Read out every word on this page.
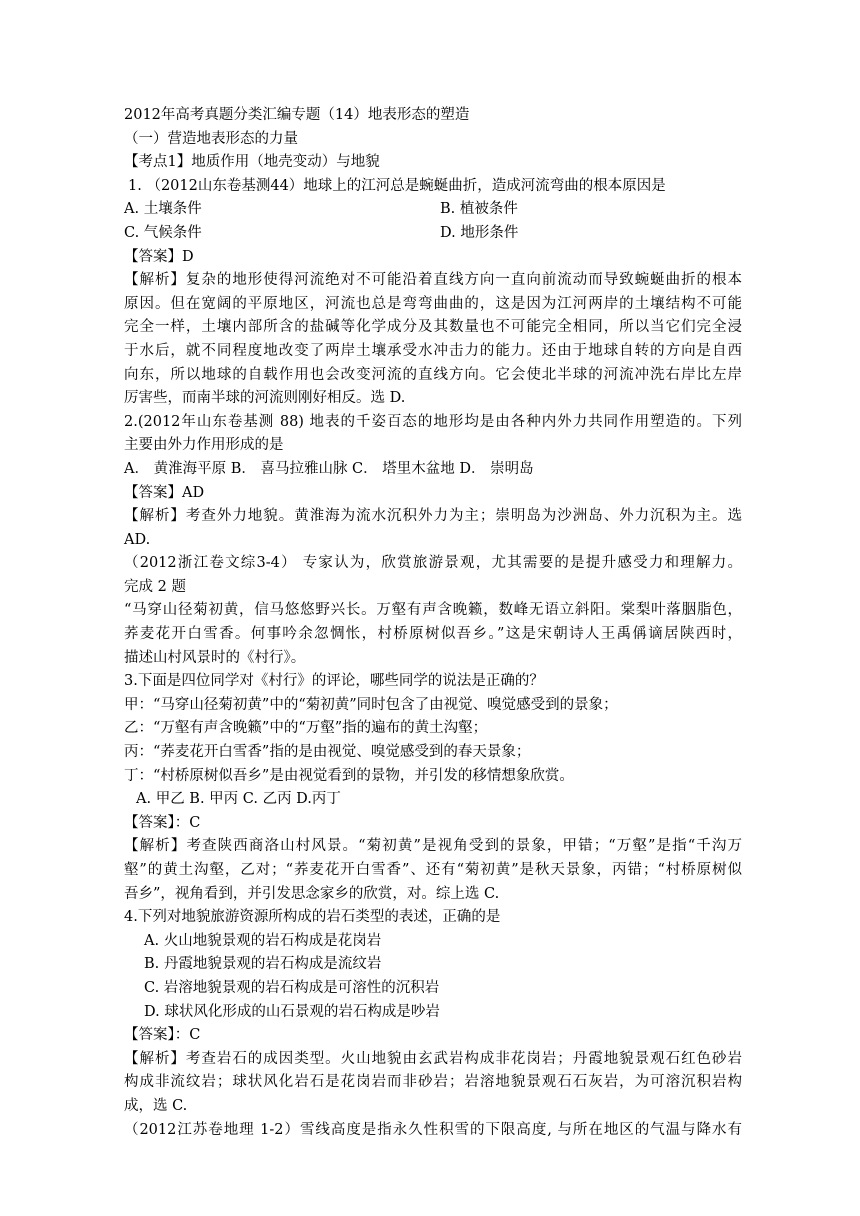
2012年高考真题分类汇编专题（14）地表形态的塑造
（一）营造地表形态的力量
【考点1】地质作用（地壳变动）与地貌
1. （2012山东卷基测44）地球上的江河总是蜿蜒曲折，造成河流弯曲的根本原因是
A. 土壤条件	B. 植被条件
C. 气候条件	D. 地形条件
【答案】D
【解析】复杂的地形使得河流绝对不可能沿着直线方向一直向前流动而导致蜿蜒曲折的根本
原因。但在宽阔的平原地区，河流也总是弯弯曲曲的，这是因为江河两岸的土壤结构不可能
完全一样，土壤内部所含的盐碱等化学成分及其数量也不可能完全相同，所以当它们完全浸
于水后，就不同程度地改变了两岸土壤承受水冲击力的能力。还由于地球自转的方向是自西
向东，所以地球的自载作用也会改变河流的直线方向。它会使北半球的河流冲洗右岸比左岸
厉害些，而南半球的河流则刚好相反。选 D.
2.(2012年山东卷基测 88) 地表的千姿百态的地形均是由各种内外力共同作用塑造的。下列
主要由外力作用形成的是
A． 黄淮海平原 B． 喜马拉雅山脉 C． 塔里木盆地 D． 崇明岛
【答案】AD
【解析】考查外力地貌。黄淮海为流水沉积外力为主；崇明岛为沙洲岛、外力沉积为主。选
AD.
（2012浙江卷文综3-4） 专家认为，欣赏旅游景观，尤其需要的是提升感受力和理解力。
完成 2 题
“马穿山径菊初黄，信马悠悠野兴长。万壑有声含晚籁，数峰无语立斜阳。棠梨叶落胭脂色，
荞麦花开白雪香。何事吟余忽惆怅，村桥原树似吾乡。”这是宋朝诗人王禹偁谪居陕西时，
描述山村风景时的《村行》。
3.下面是四位同学对《村行》的评论，哪些同学的说法是正确的？
甲：“马穿山径菊初黄”中的“菊初黄”同时包含了由视觉、嗅觉感受到的景象；
乙：“万壑有声含晚籁”中的“万壑”指的遍布的黄土沟壑；
丙：“荞麦花开白雪香”指的是由视觉、嗅觉感受到的春天景象；
丁：“村桥原树似吾乡”是由视觉看到的景物，并引发的移情想象欣赏。
A. 甲乙 B. 甲丙 C. 乙丙 D.丙丁
【答案】：C
【解析】考查陕西商洛山村风景。“菊初黄”是视角受到的景象，甲错；“万壑”是指“千沟万
壑”的黄土沟壑，乙对；“荞麦花开白雪香”、还有“菊初黄”是秋天景象，丙错；“村桥原树似
吾乡”，视角看到，并引发思念家乡的欣赏，对。综上选 C.
4.下列对地貌旅游资源所构成的岩石类型的表述，正确的是
A. 火山地貌景观的岩石构成是花岗岩
B. 丹霞地貌景观的岩石构成是流纹岩
C. 岩溶地貌景观的岩石构成是可溶性的沉积岩
D. 球状风化形成的山石景观的岩石构成是吵岩
【答案】：C
【解析】考查岩石的成因类型。火山地貌由玄武岩构成非花岗岩；丹霞地貌景观石红色砂岩
构成非流纹岩；球状风化岩石是花岗岩而非砂岩；岩溶地貌景观石石灰岩，为可溶沉积岩构
成，选 C.
（2012江苏卷地理 1-2）雪线高度是指永久性积雪的下限高度, 与所在地区的气温与降水有
